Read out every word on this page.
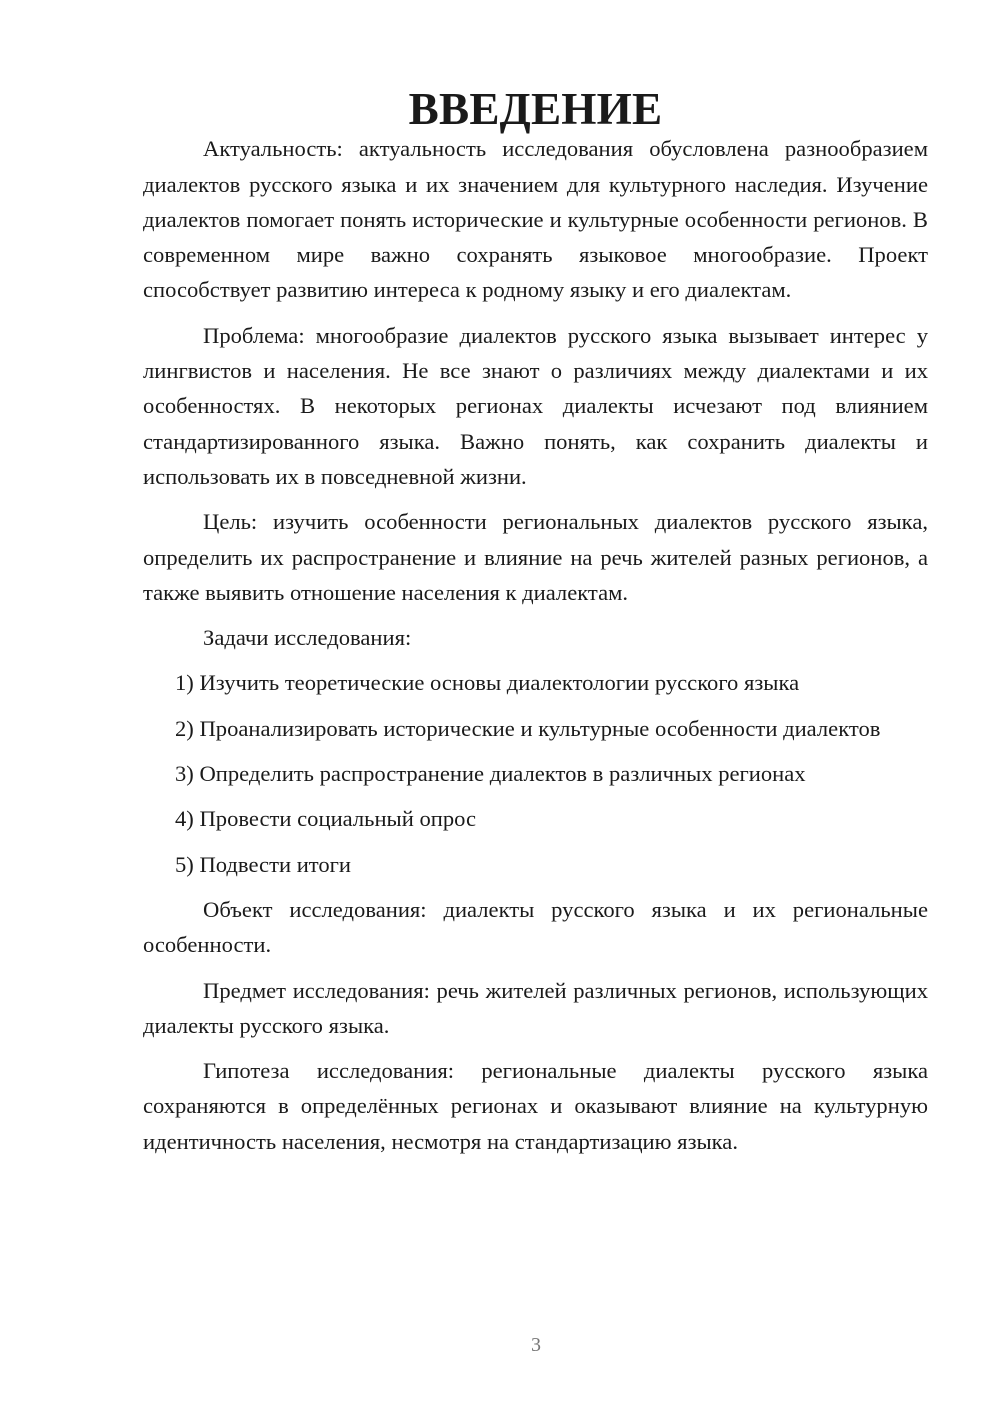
ВВЕДЕНИЕ

Актуальность: актуальность исследования обусловлена разнообразием диалектов русского языка и их значением для культурного наследия. Изучение диалектов помогает понять исторические и культурные особенности регионов. В современном мире важно сохранять языковое многообразие. Проект способствует развитию интереса к родному языку и его диалектам.

Проблема: многообразие диалектов русского языка вызывает интерес у лингвистов и населения. Не все знают о различиях между диалектами и их особенностях. В некоторых регионах диалекты исчезают под влиянием стандартизированного языка. Важно понять, как сохранить диалекты и использовать их в повседневной жизни.

Цель: изучить особенности региональных диалектов русского языка, определить их распространение и влияние на речь жителей разных регионов, а также выявить отношение населения к диалектам.

Задачи исследования:

1) Изучить теоретические основы диалектологии русского языка

2) Проанализировать исторические и культурные особенности диалектов

3) Определить распространение диалектов в различных регионах

4) Провести социальный опрос

5) Подвести итоги

Объект исследования: диалекты русского языка и их региональные особенности.

Предмет исследования: речь жителей различных регионов, использующих диалекты русского языка.

Гипотеза исследования: региональные диалекты русского языка сохраняются в определённых регионах и оказывают влияние на культурную идентичность населения, несмотря на стандартизацию языка.

3
